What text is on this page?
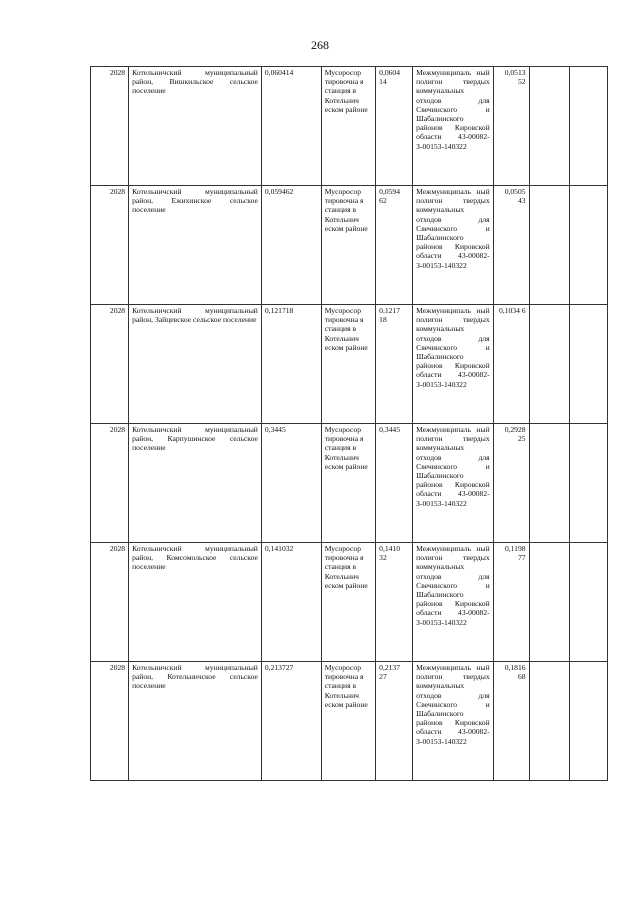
268
2028	Котельничский муниципальный район, Вишкильское сельское поселение	0,060414	Мусоросор тировочна я станция в Котельнич еском районе	0,0604 14	Межмуниципаль ный полигон твердых коммунальных отходов для Свечинского и Шабалинского районов Кировской области 43-00082-З-00153-140322	0,0513 52		
2028	Котельничский муниципальный район, Ежихинское сельское поселение	0,059462	Мусоросор тировочна я станция в Котельнич еском районе	0,0594 62	Межмуниципаль ный полигон твердых коммунальных отходов для Свечинского и Шабалинского районов Кировской области 43-00082-З-00153-140322	0,0505 43		
2028	Котельничский муниципальный район, Зайцевское сельское поселение	0,121718	Мусоросор тировочна я станция в Котельнич еском районе	0,1217 18	Межмуниципаль ный полигон твердых коммунальных отходов для Свечинского и Шабалинского районов Кировской области 43-00082-З-00153-140322	0,1034 6		
2028	Котельничский муниципальный район, Карпушинское сельское поселение	0,3445	Мусоросор тировочна я станция в Котельнич еском районе	0,3445	Межмуниципаль ный полигон твердых коммунальных отходов для Свечинского и Шабалинского районов Кировской области 43-00082-З-00153-140322	0,2928 25		
2028	Котельничский муниципальный район, Комсомольское сельское поселение	0,141032	Мусоросор тировочна я станция в Котельнич еском районе	0,1410 32	Межмуниципаль ный полигон твердых коммунальных отходов для Свечинского и Шабалинского районов Кировской области 43-00082-З-00153-140322	0,1198 77		
2028	Котельничский муниципальный район, Котельничское сельское поселение	0,213727	Мусоросор тировочна я станция в Котельнич еском районе	0,2137 27	Межмуниципаль ный полигон твердых коммунальных отходов для Свечинского и Шабалинского районов Кировской области 43-00082-З-00153-140322	0,1816 68		
